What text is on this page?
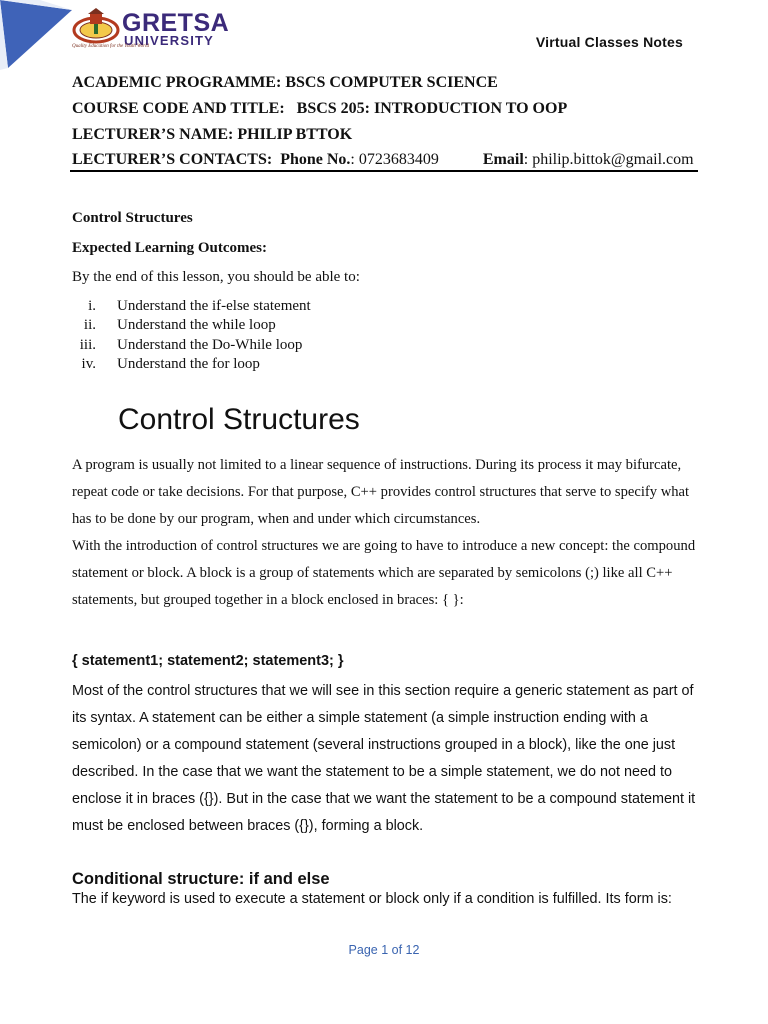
GRETSA
UNIVERSITY
Quality Education for the Youth World	Virtual Classes Notes
ACADEMIC PROGRAMME: BSCS COMPUTER SCIENCE
COURSE CODE AND TITLE: BSCS 205: INTRODUCTION TO OOP
LECTURER’S NAME: PHILIP BTTOK
LECTURER’S CONTACTS: Phone No.: 0723683409	Email: philip.bittok@gmail.com
Control Structures
Expected Learning Outcomes:
By the end of this lesson, you should be able to:
i. Understand the if-else statement
ii. Understand the while loop
iii. Understand the Do-While loop
iv. Understand the for loop
Control Structures
A program is usually not limited to a linear sequence of instructions. During its process it may bifurcate, repeat code or take decisions. For that purpose, C++ provides control structures that serve to specify what has to be done by our program, when and under which circumstances.
With the introduction of control structures we are going to have to introduce a new concept: the compound statement or block. A block is a group of statements which are separated by semicolons (;) like all C++ statements, but grouped together in a block enclosed in braces: { }:
{ statement1; statement2; statement3; }
Most of the control structures that we will see in this section require a generic statement as part of its syntax. A statement can be either a simple statement (a simple instruction ending with a semicolon) or a compound statement (several instructions grouped in a block), like the one just described. In the case that we want the statement to be a simple statement, we do not need to enclose it in braces ({}). But in the case that we want the statement to be a compound statement it must be enclosed between braces ({}), forming a block.
Conditional structure: if and else
The if keyword is used to execute a statement or block only if a condition is fulfilled. Its form is:
Page 1 of 12
